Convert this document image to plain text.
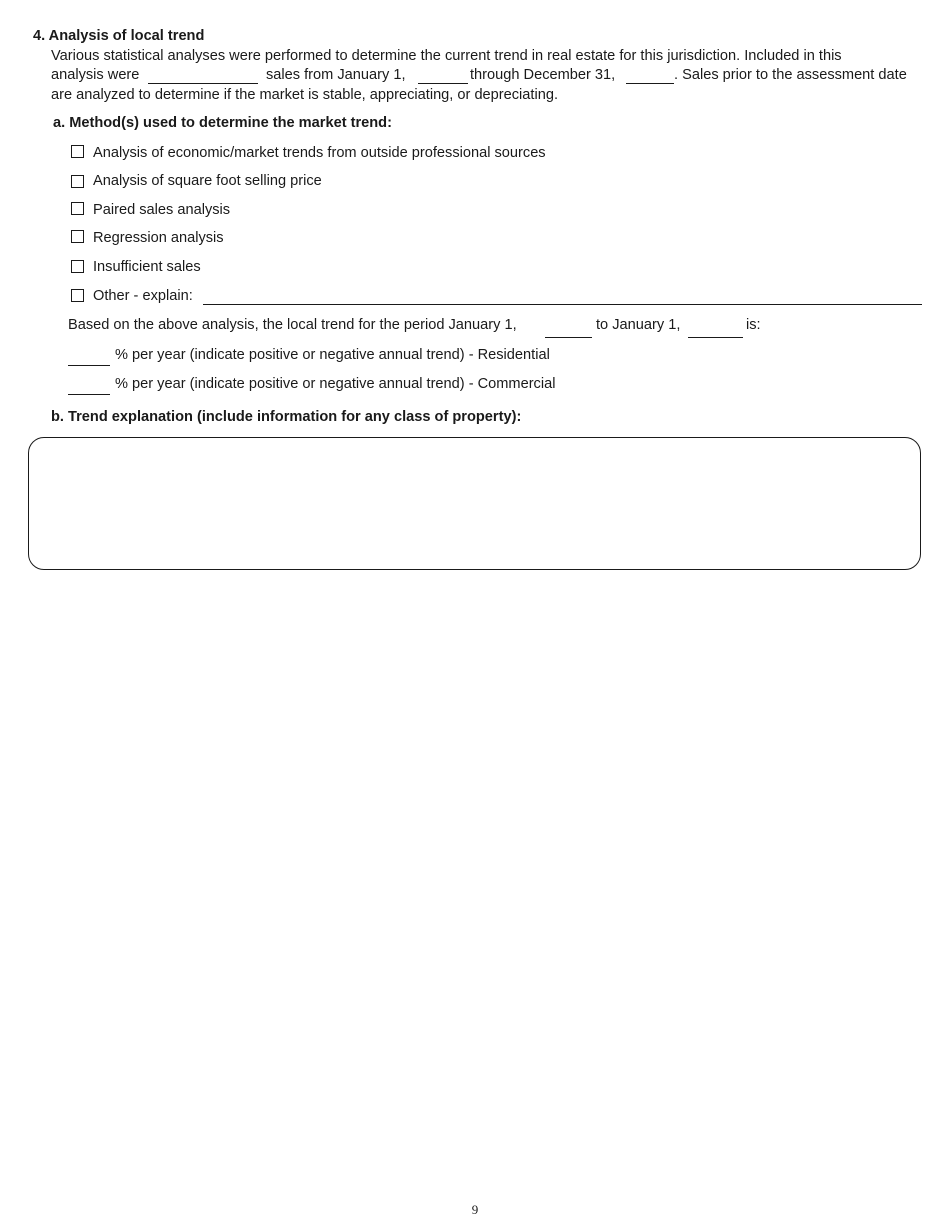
4. Analysis of local trend
Various statistical analyses were performed to determine the current trend in real estate for this jurisdiction. Included in this
analysis were	sales from January 1,	through December 31,	. Sales prior to the assessment date
are analyzed to determine if the market is stable, appreciating, or depreciating.
a. Method(s) used to determine the market trend:
Analysis of economic/market trends from outside professional sources
Analysis of square foot selling price
Paired sales analysis
Regression analysis
Insufficient sales
Other - explain:
Based on the above analysis, the local trend for the period January 1,	to January 1,	is:
% per year (indicate positive or negative annual trend) - Residential
% per year (indicate positive or negative annual trend) - Commercial
b. Trend explanation (include information for any class of property):
9
